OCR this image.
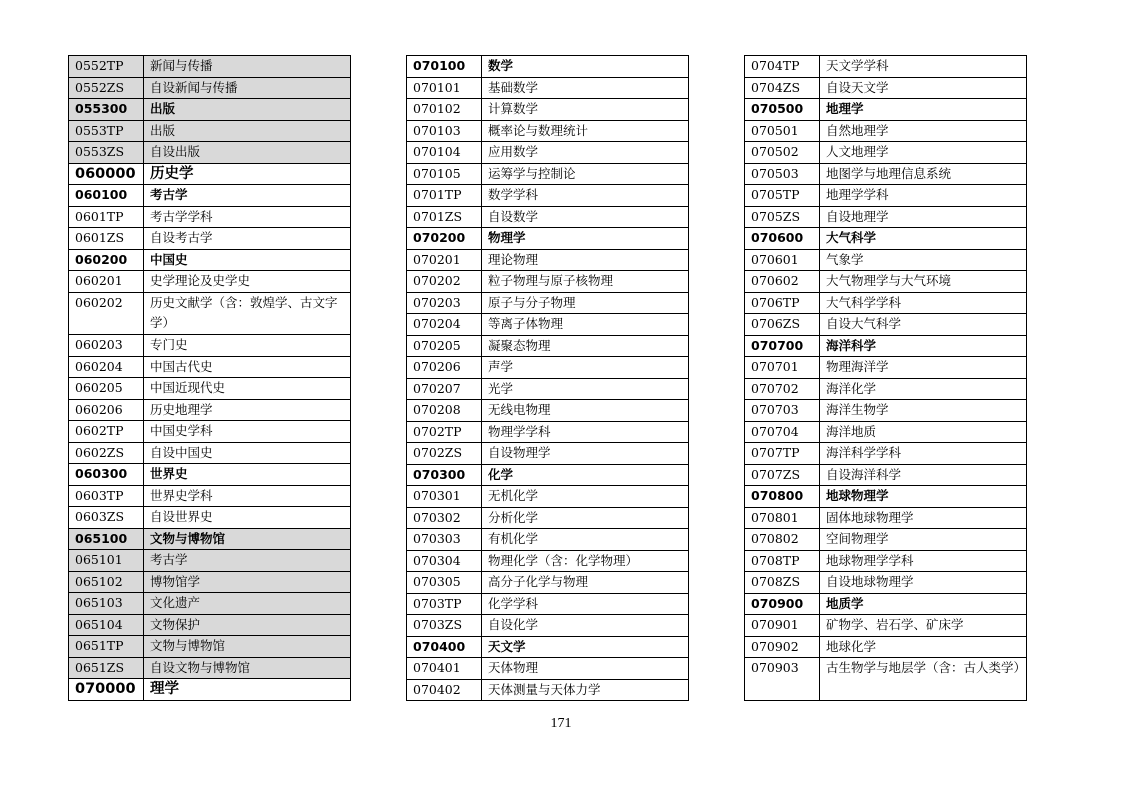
0552TP	新闻与传播
0552ZS	自设新闻与传播
055300	出版
0553TP	出版
0553ZS	自设出版
060000	历史学
060100	考古学
0601TP	考古学学科
0601ZS	自设考古学
060200	中国史
060201	史学理论及史学史
060202	历史文献学（含：敦煌学、古文字学）
060203	专门史
060204	中国古代史
060205	中国近现代史
060206	历史地理学
0602TP	中国史学科
0602ZS	自设中国史
060300	世界史
0603TP	世界史学科
0603ZS	自设世界史
065100	文物与博物馆
065101	考古学
065102	博物馆学
065103	文化遗产
065104	文物保护
0651TP	文物与博物馆
0651ZS	自设文物与博物馆
070000	理学
070100	数学
070101	基础数学
070102	计算数学
070103	概率论与数理统计
070104	应用数学
070105	运筹学与控制论
0701TP	数学学科
0701ZS	自设数学
070200	物理学
070201	理论物理
070202	粒子物理与原子核物理
070203	原子与分子物理
070204	等离子体物理
070205	凝聚态物理
070206	声学
070207	光学
070208	无线电物理
0702TP	物理学学科
0702ZS	自设物理学
070300	化学
070301	无机化学
070302	分析化学
070303	有机化学
070304	物理化学（含：化学物理）
070305	高分子化学与物理
0703TP	化学学科
0703ZS	自设化学
070400	天文学
070401	天体物理
070402	天体测量与天体力学
0704TP	天文学学科
0704ZS	自设天文学
070500	地理学
070501	自然地理学
070502	人文地理学
070503	地图学与地理信息系统
0705TP	地理学学科
0705ZS	自设地理学
070600	大气科学
070601	气象学
070602	大气物理学与大气环境
0706TP	大气科学学科
0706ZS	自设大气科学
070700	海洋科学
070701	物理海洋学
070702	海洋化学
070703	海洋生物学
070704	海洋地质
0707TP	海洋科学学科
0707ZS	自设海洋科学
070800	地球物理学
070801	固体地球物理学
070802	空间物理学
0708TP	地球物理学学科
0708ZS	自设地球物理学
070900	地质学
070901	矿物学、岩石学、矿床学
070902	地球化学
070903	古生物学与地层学（含：古人类学）
171
